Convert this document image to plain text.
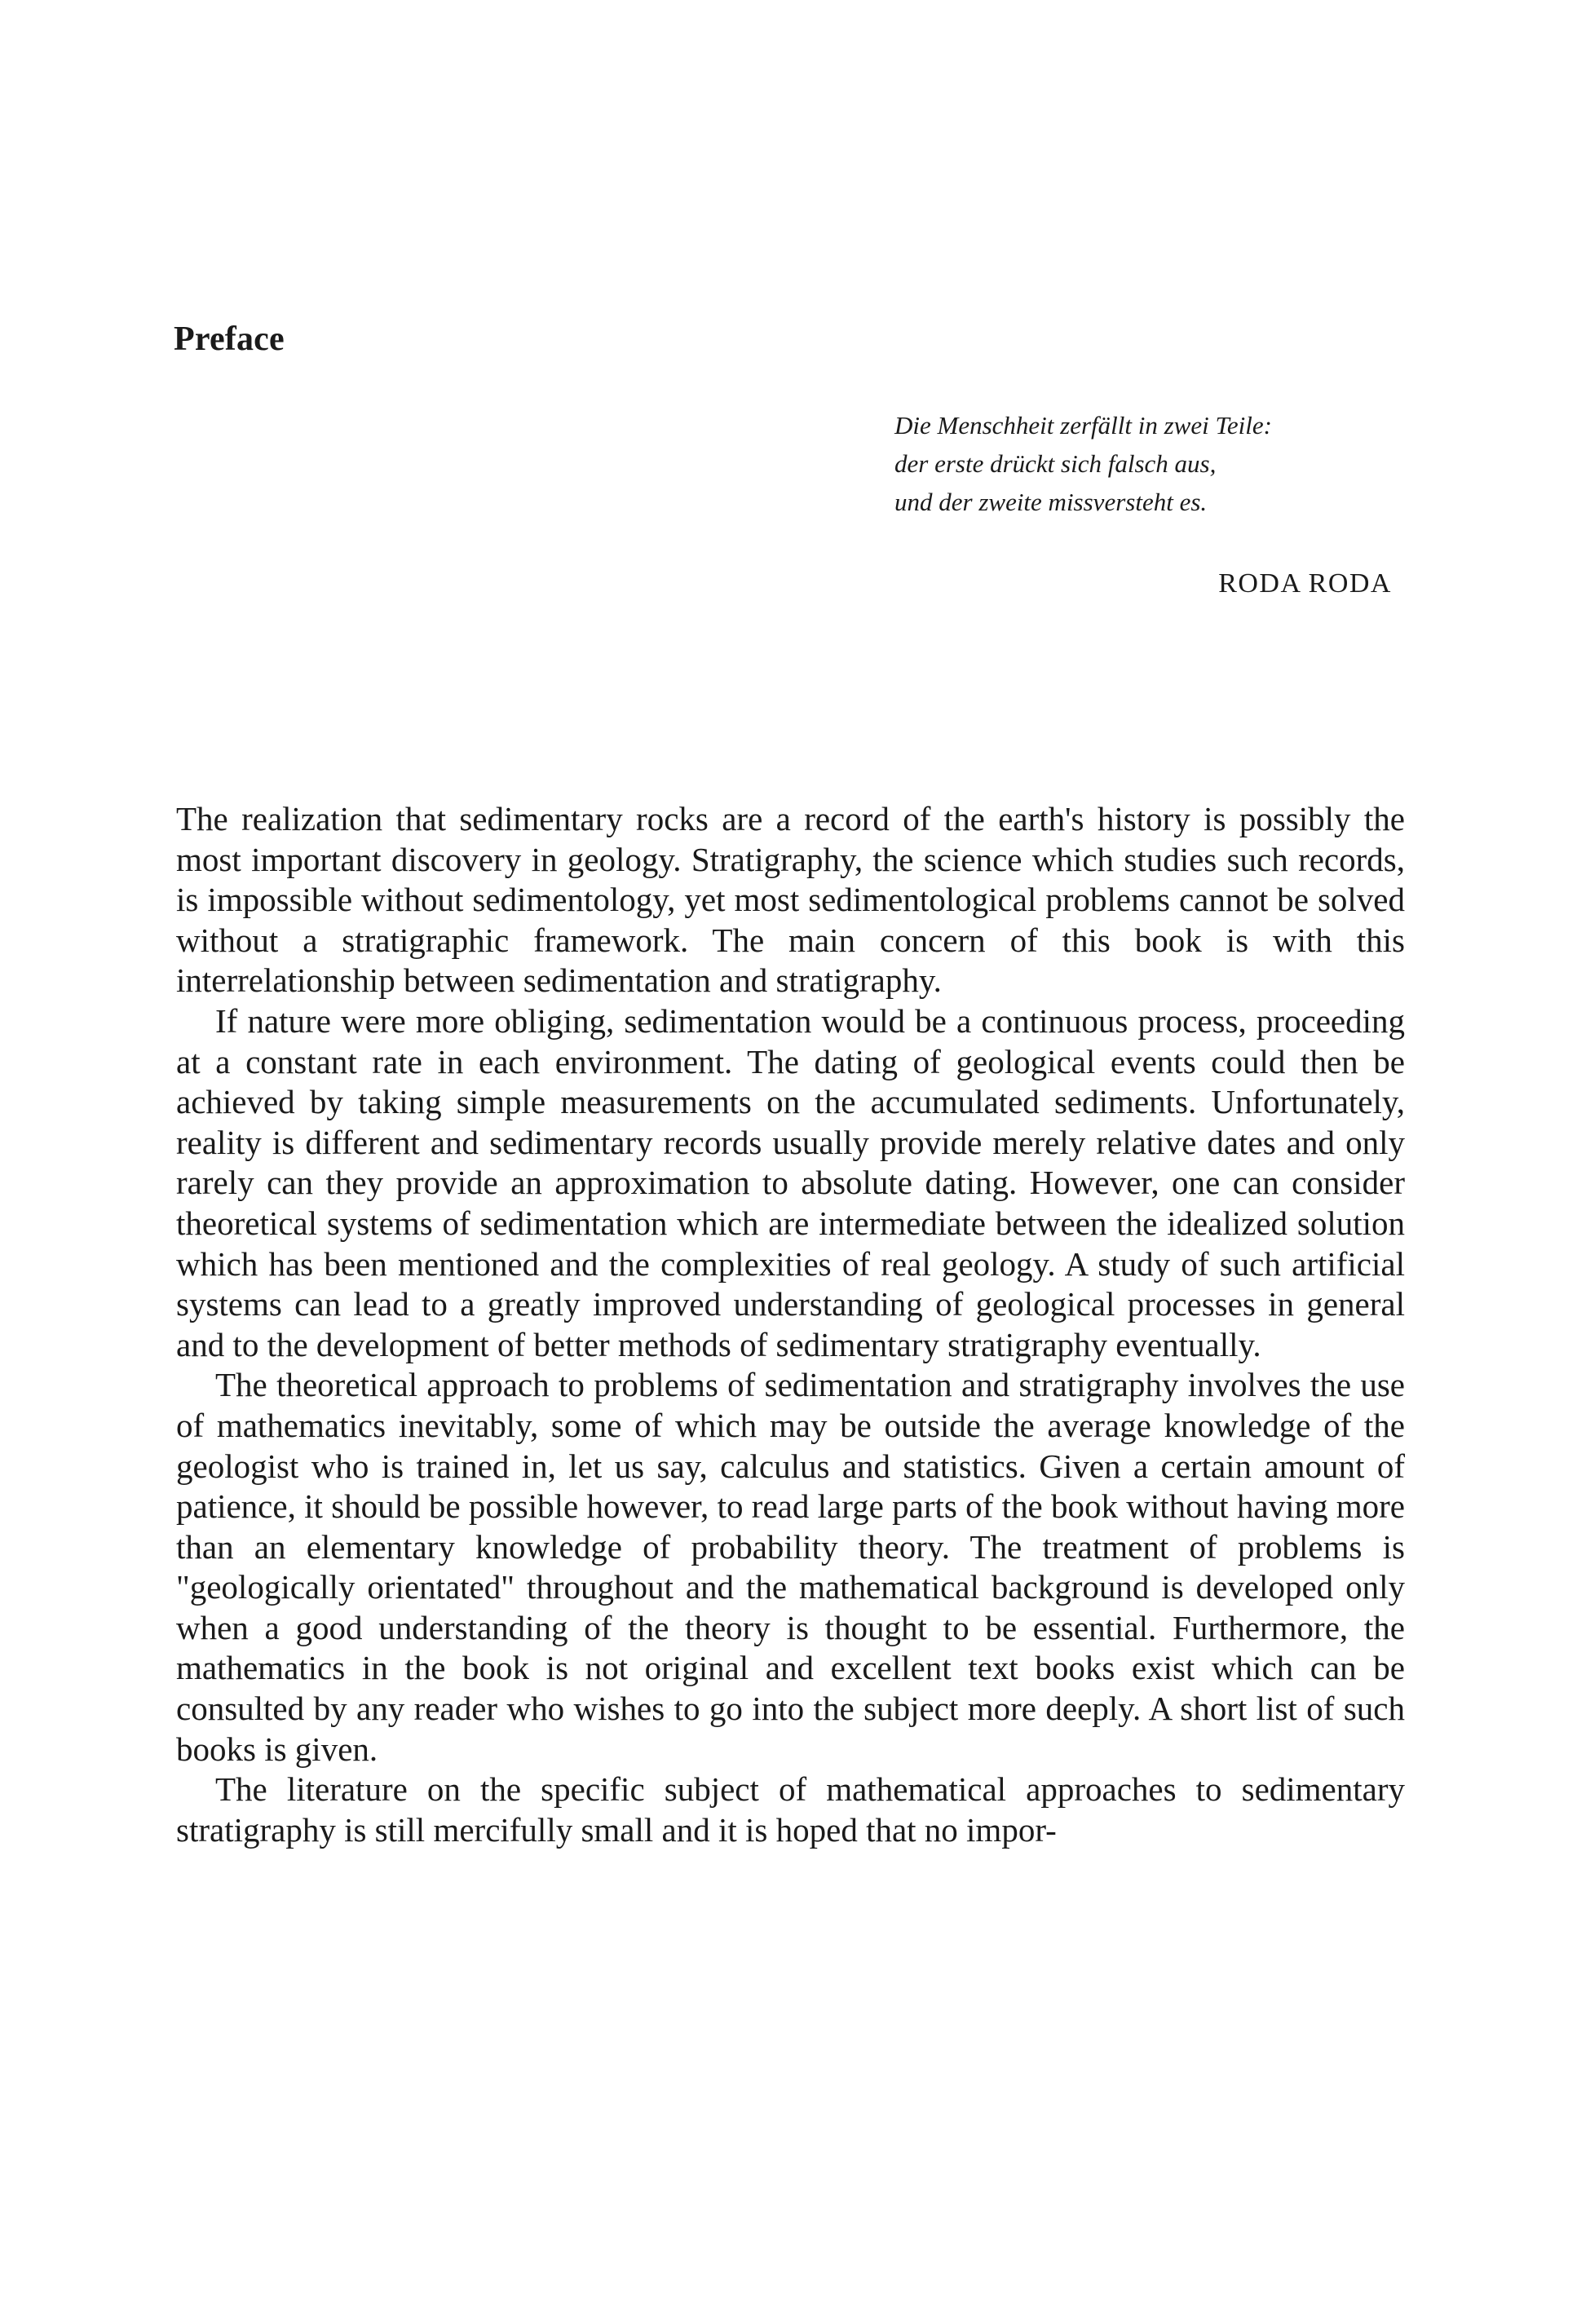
Preface
Die Menschheit zerfällt in zwei Teile:
der erste drückt sich falsch aus,
und der zweite missversteht es.
RODA RODA

The realization that sedimentary rocks are a record of the earth's history is possibly the most important discovery in geology. Stratigraphy, the science which studies such records, is impossible without sedimentology, yet most sedimentological problems cannot be solved without a stratigraphic framework. The main concern of this book is with this interrelationship between sedimentation and stratigraphy.

If nature were more obliging, sedimentation would be a continuous process, proceeding at a constant rate in each environment. The dating of geological events could then be achieved by taking simple measurements on the accumulated sediments. Unfortunately, reality is different and sedimentary records usually provide merely relative dates and only rarely can they provide an approximation to absolute dating. However, one can consider theoretical systems of sedimentation which are intermediate between the idealized solution which has been mentioned and the complexities of real geology. A study of such artificial systems can lead to a greatly improved understanding of geological processes in general and to the development of better methods of sedimentary stratigraphy eventually.

The theoretical approach to problems of sedimentation and stratigraphy involves the use of mathematics inevitably, some of which may be outside the average knowledge of the geologist who is trained in, let us say, calculus and statistics. Given a certain amount of patience, it should be possible however, to read large parts of the book without having more than an elementary knowledge of probability theory. The treatment of problems is "geologically orientated" throughout and the mathematical background is developed only when a good understanding of the theory is thought to be essential. Furthermore, the mathematics in the book is not original and excellent text books exist which can be consulted by any reader who wishes to go into the subject more deeply. A short list of such books is given.

The literature on the specific subject of mathematical approaches to sedimentary stratigraphy is still mercifully small and it is hoped that no impor-
